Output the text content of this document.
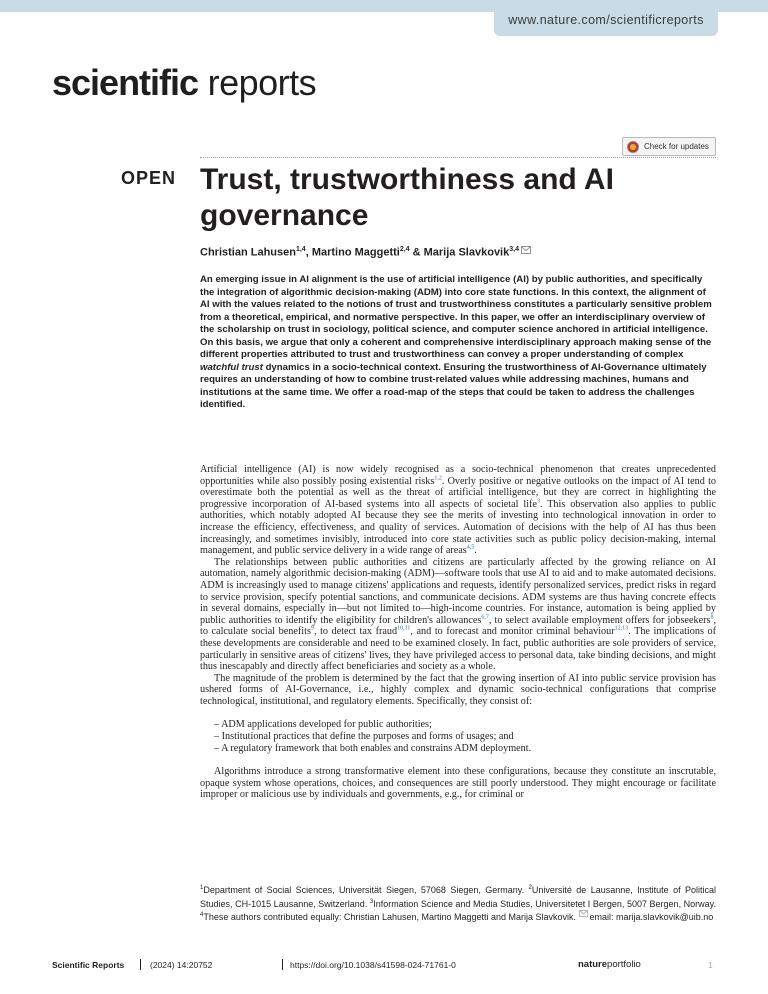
www.nature.com/scientificreports
scientific reports
Check for updates
OPEN Trust, trustworthiness and AI governance
Christian Lahusen$^{1,4}$, Martino Maggetti$^{2,4}$ & Marija Slavkovik$^{3,4}$

An emerging issue in AI alignment is the use of artificial intelligence (AI) by public authorities, and specifically the integration of algorithmic decision-making (ADM) into core state functions. In this context, the alignment of AI with the values related to the notions of trust and trustworthiness constitutes a particularly sensitive problem from a theoretical, empirical, and normative perspective. In this paper, we offer an interdisciplinary overview of the scholarship on trust in sociology, political science, and computer science anchored in artificial intelligence. On this basis, we argue that only a coherent and comprehensive interdisciplinary approach making sense of the different properties attributed to trust and trustworthiness can convey a proper understanding of complex watchful trust dynamics in a socio-technical context. Ensuring the trustworthiness of AI-Governance ultimately requires an understanding of how to combine trust-related values while addressing machines, humans and institutions at the same time. We offer a road-map of the steps that could be taken to address the challenges identified.

Artificial intelligence (AI) is now widely recognised as a socio-technical phenomenon that creates unprecedented opportunities while also possibly posing existential risks$^{1,2}$. Overly positive or negative outlooks on the impact of AI tend to overestimate both the potential as well as the threat of artificial intelligence, but they are correct in highlighting the progressive incorporation of AI-based systems into all aspects of societal life$^3$. This observation also applies to public authorities, which notably adopted AI because they see the merits of investing into technological innovation in order to increase the efficiency, effectiveness, and quality of services. Automation of decisions with the help of AI has thus been increasingly, and sometimes invisibly, introduced into core state activities such as public policy decision-making, internal management, and public service delivery in a wide range of areas$^{4,5}$.

The relationships between public authorities and citizens are particularly affected by the growing reliance on AI automation, namely algorithmic decision-making (ADM)—software tools that use AI to aid and to make automated decisions. ADM is increasingly used to manage citizens' applications and requests, identify personalized services, predict risks in regard to service provision, specify potential sanctions, and communicate decisions. ADM systems are thus having concrete effects in several domains, especially in—but not limited to—high-income countries. For instance, automation is being applied by public authorities to identify the eligibility for children's allowances$^{6,7}$, to select available employment offers for jobseekers$^8$, to calculate social benefits$^9$, to detect tax fraud$^{10,11}$, and to forecast and monitor criminal behaviour$^{12,13}$. The implications of these developments are considerable and need to be examined closely. In fact, public authorities are sole providers of service, particularly in sensitive areas of citizens' lives, they have privileged access to personal data, take binding decisions, and might thus inescapably and directly affect beneficiaries and society as a whole.

The magnitude of the problem is determined by the fact that the growing insertion of AI into public service provision has ushered forms of AI-Governance, i.e., highly complex and dynamic socio-technical configurations that comprise technological, institutional, and regulatory elements. Specifically, they consist of:

– ADM applications developed for public authorities;
– Institutional practices that define the purposes and forms of usages; and
– A regulatory framework that both enables and constrains ADM deployment.

Algorithms introduce a strong transformative element into these configurations, because they constitute an inscrutable, opaque system whose operations, choices, and consequences are still poorly understood. They might encourage or facilitate improper or malicious use by individuals and governments, e.g., for criminal or

$^1$Department of Social Sciences, Universität Siegen, 57068 Siegen, Germany. $^2$Université de Lausanne, Institute of Political Studies, CH-1015 Lausanne, Switzerland. $^3$Information Science and Media Studies, Universitetet I Bergen, 5007 Bergen, Norway. $^4$These authors contributed equally: Christian Lahusen, Martino Maggetti and Marija Slavkovik. email: marija.slavkovik@uib.no

Scientific Reports	(2024) 14:20752	https://doi.org/10.1038/s41598-024-71761-0	natureportfolio	1
